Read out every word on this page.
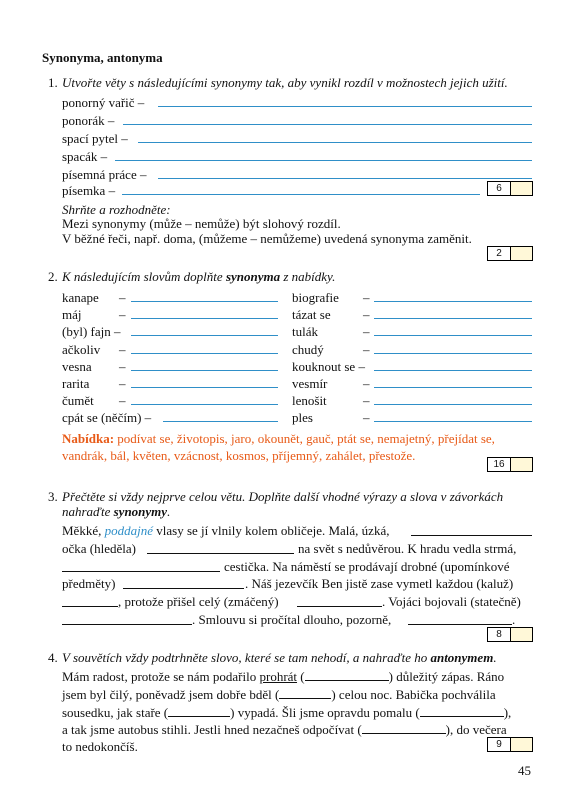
Synonyma, antonyma
1. Utvořte věty s následujícími synonymy tak, aby vynikl rozdíl v možnostech jejich užití.
ponorný vařič –
ponorák –
spací pytel –
spacák –
písemná práce –
písemka –	6
Shrňte a rozhodněte:
Mezi synonymy (může – nemůže) být slohový rozdíl.
V běžné řeči, např. doma, (můžeme – nemůžeme) uvedená synonyma zaměnit.
2
2. K následujícím slovům doplňte synonyma z nabídky.
kanape –
máj	–
(byl) fajn –
ačkoliv –
vesna –
rarita –
čumět –
cpát se (něčím) –
biografie –
tázat se –
tulák	–
chudý	–
kouknout se –
vesmír	–
lenošit	–
ples	–
Nabídka: podívat se, životopis, jaro, okounět, gauč, ptát se, nemajetný, přejídat se,
vandrák, bál, květen, vzácnost, kosmos, příjemný, zahálet, přestože.
16
3. Přečtěte si vždy nejprve celou větu. Doplňte další vhodné výrazy a slova v závorkách
nahraďte synonymy.
Měkké, poddajné vlasy se jí vlnily kolem obličeje. Malá, úzká,
očka (hleděla)	na svět s nedůvěrou. K hradu vedla strmá,
cestička. Na náměstí se prodávají drobné (upomínkové
předměty)	. Náš jezevčík Ben jistě zase vymetl každou (kaluž)
, protože přišel celý (zmáčený)	. Vojáci bojovali (statečně)
. Smlouvu si pročítal dlouho, pozorně,	.
8
4. V souvětích vždy podtrhněte slovo, které se tam nehodí, a nahraďte ho antonymem.
Mám radost, protože se nám podařilo prohrát (	) důležitý zápas. Ráno
jsem byl čilý, poněvadž jsem dobře bděl (	) celou noc. Babička pochválila
sousedku, jak staře (	) vypadá. Šli jsme opravdu pomalu (	),
a tak jsme autobus stihli. Jestli hned nezačneš odpočívat (	), do večera
to nedokončíš.	9
45
